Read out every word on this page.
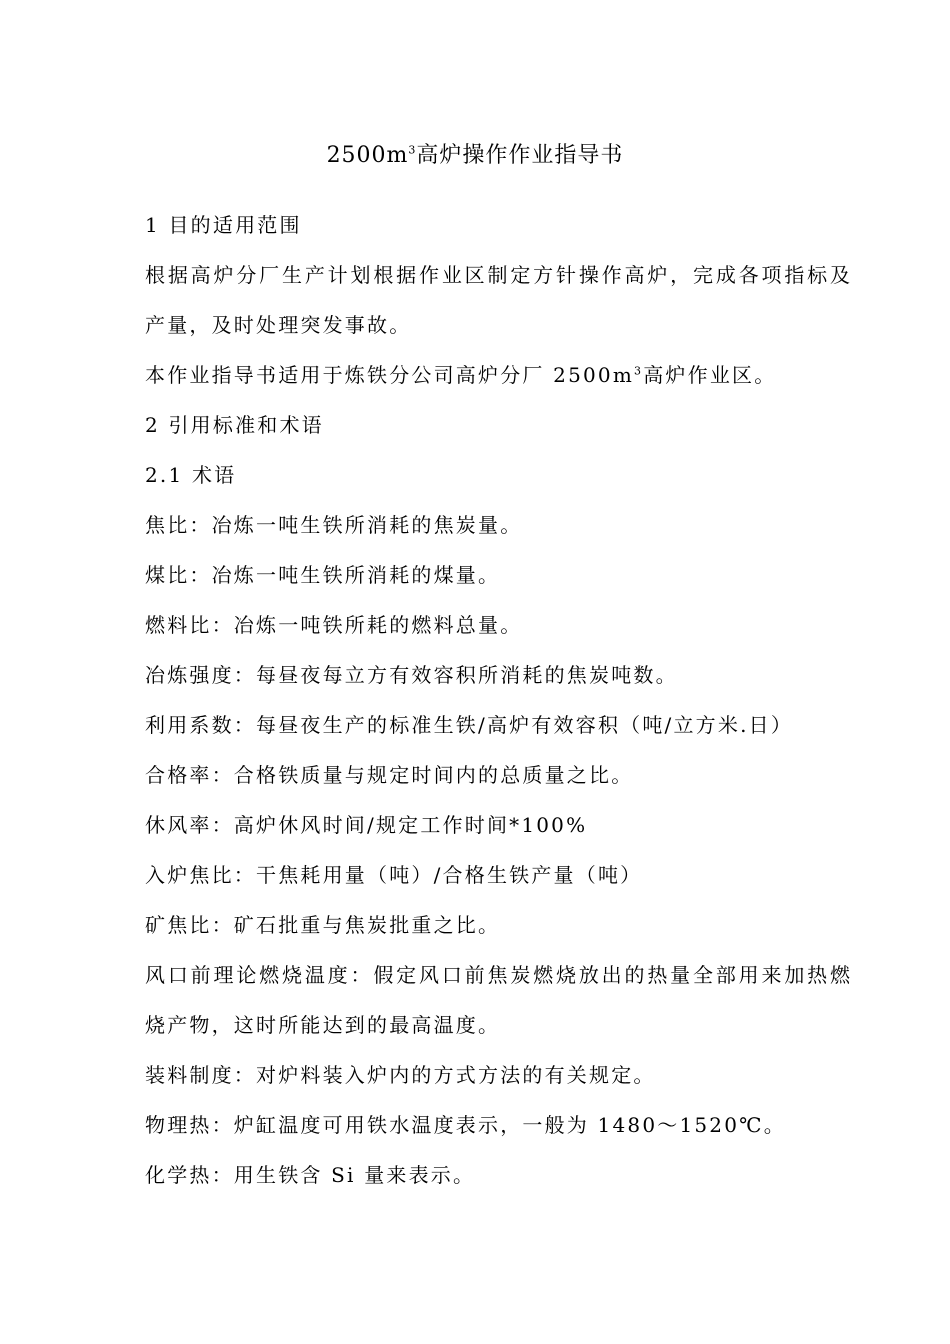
$2500m^3$高炉操作作业指导书
1 目的适用范围
根据高炉分厂生产计划根据作业区制定方针操作高炉，完成各项指标及
产量，及时处理突发事故。
本作业指导书适用于炼铁分公司高炉分厂 $2500m^3$高炉作业区。
2 引用标准和术语
2.1 术语
焦比：冶炼一吨生铁所消耗的焦炭量。
煤比：冶炼一吨生铁所消耗的煤量。
燃料比：冶炼一吨铁所耗的燃料总量。
冶炼强度：每昼夜每立方有效容积所消耗的焦炭吨数。
利用系数：每昼夜生产的标准生铁/高炉有效容积（吨/立方米.日）
合格率：合格铁质量与规定时间内的总质量之比。
休风率：高炉休风时间/规定工作时间*100%
入炉焦比：干焦耗用量（吨）/合格生铁产量（吨）
矿焦比：矿石批重与焦炭批重之比。
风口前理论燃烧温度：假定风口前焦炭燃烧放出的热量全部用来加热燃
烧产物，这时所能达到的最高温度。
装料制度：对炉料装入炉内的方式方法的有关规定。
物理热：炉缸温度可用铁水温度表示，一般为 1480～1520℃。
化学热：用生铁含 Si 量来表示。
